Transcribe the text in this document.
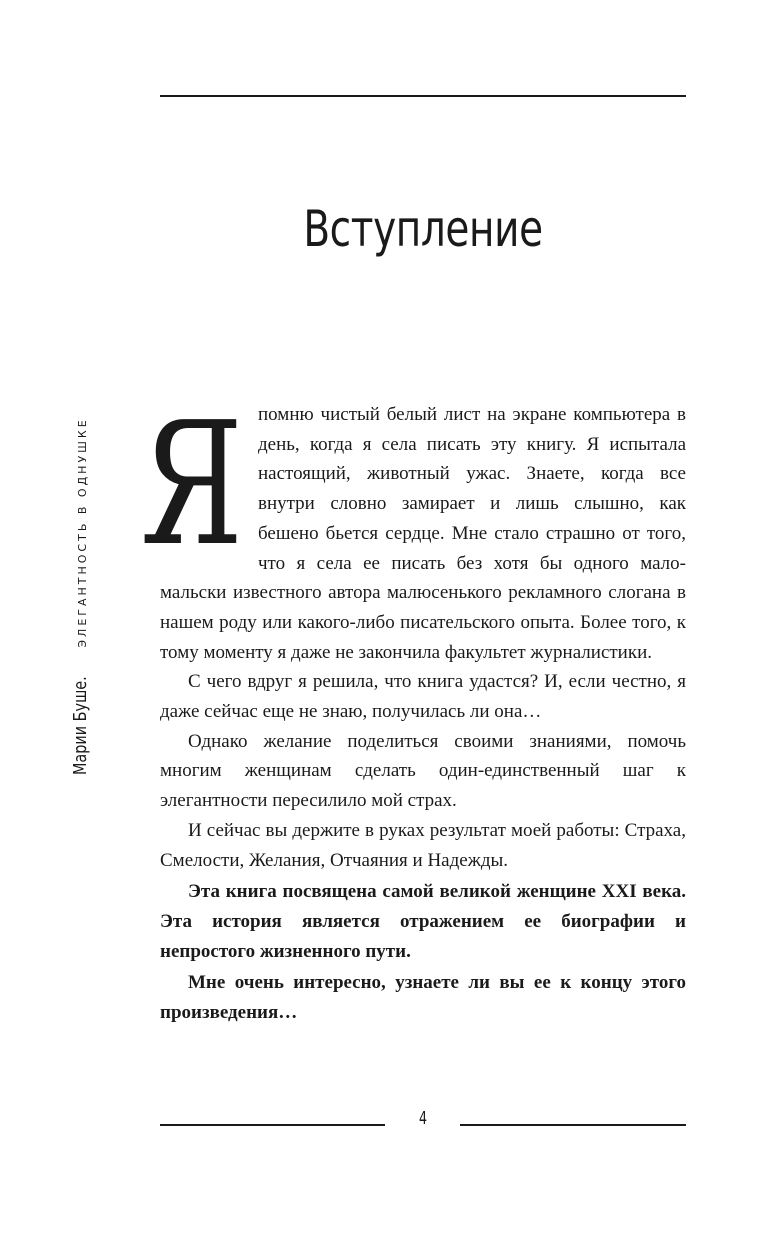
Вступление
Марии Буше. ЭЛЕГАНТНОСТЬ В ОДНУШКЕ Я помню чистый белый лист на экране компьютера в день, когда я села писать эту книгу. Я испытала настоящий, животный ужас. Знаете, когда все внутри словно замирает и лишь слышно, как бешено бьется сердце. Мне стало страшно от того, что я села ее писать без хотя бы одного мало-мальски известного автора малюсенького рекламного слогана в нашем роду или какого-либо писательского опыта. Более того, к тому моменту я даже не закончила факультет журналистики.

С чего вдруг я решила, что книга удастся? И, если честно, я даже сейчас еще не знаю, получилась ли она…

Однако желание поделиться своими знаниями, помочь многим женщинам сделать один-единственный шаг к элегантности пересилило мой страх.

И сейчас вы держите в руках результат моей работы: Страха, Смелости, Желания, Отчаяния и Надежды.

Эта книга посвящена самой великой женщине XXI века. Эта история является отражением ее биографии и непростого жизненного пути.

Мне очень интересно, узнаете ли вы ее к концу этого произведения…

4
